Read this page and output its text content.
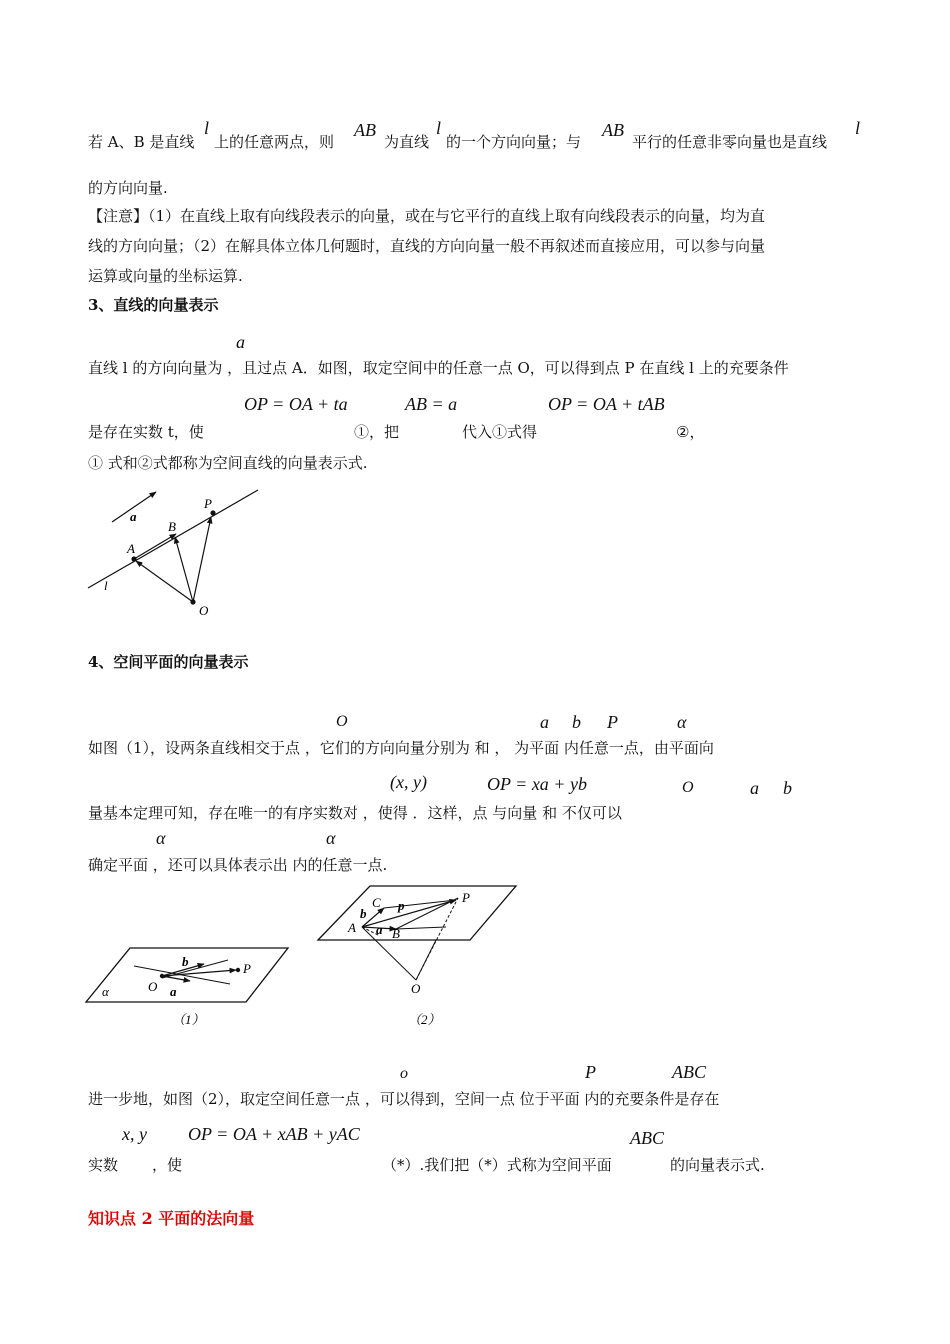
若 A、B 是直线
l
上的任意两点，则
AB
为直线
l
的一个方向向量；与
AB
平行的任意非零向量也是直线
l
的方向向量.
【注意】（1）在直线上取有向线段表示的向量，或在与它平行的直线上取有向线段表示的向量，均为直
线的方向向量；（2）在解具体立体几何题时，直线的方向向量一般不再叙述而直接应用，可以参与向量
运算或向量的坐标运算.
3、直线的向量表示
a
直线 l 的方向向量为 ，且过点 A．如图，取定空间中的任意一点 O，可以得到点 P 在直线 l 上的充要条件
OP = OA + ta	AB = a	OP = OA + tAB
是存在实数 t，使	①，把	代入①式得	②，
① 式和②式都称为空间直线的向量表示式.
a
B
P
A
l
O
4、空间平面的向量表示
O	a b P	α
如图（1），设两条直线相交于点 ，它们的方向向量分别为 和 ， 为平面 内任意一点，由平面向
(x, y)	OP = xa + yb	O	a b
量基本定理可知，存在唯一的有序实数对 ，使得 ．这样，点 与向量 和 不仅可以
α	α
确定平面 ，还可以具体表示出 内的任意一点.
α	O a
b	P
（1）
C
b
p
P
A a B
O
（2）
o	P	ABC
进一步地，如图（2），取定空间任意一点 ，可以得到，空间一点 位于平面 内的充要条件是存在
x, y OP = OA + xAB + yAC	ABC
实数 ，使	（*）.我们把（*）式称为空间平面	的向量表示式.
知识点 2 平面的法向量
